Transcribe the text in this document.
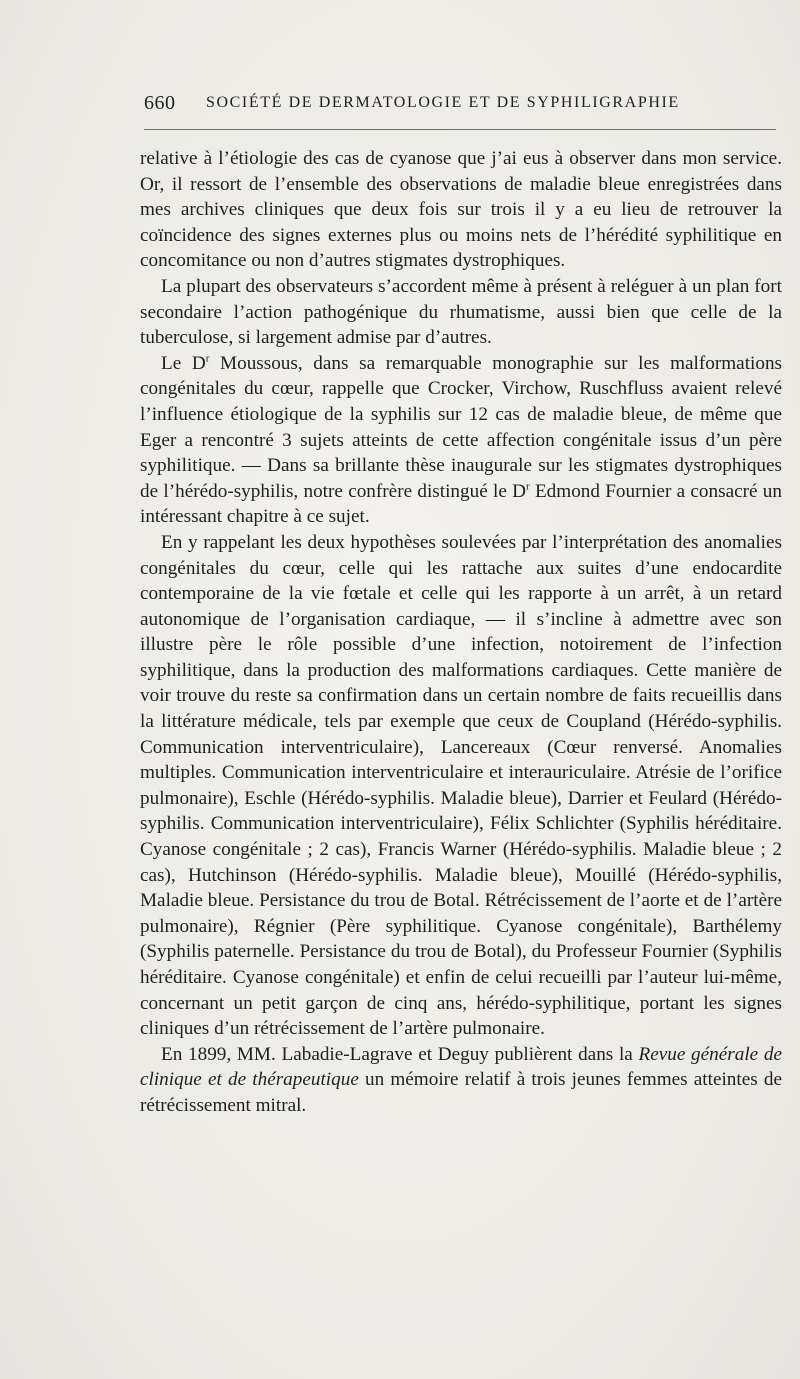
660 SOCIÉTÉ DE DERMATOLOGIE ET DE SYPHILIGRAPHIE

relative à l’étiologie des cas de cyanose que j’ai eus à observer dans mon service. Or, il ressort de l’ensemble des observations de maladie bleue enregistrées dans mes archives cliniques que deux fois sur trois il y a eu lieu de retrouver la coïncidence des signes externes plus ou moins nets de l’hérédité syphilitique en concomitance ou non d’autres stigmates dystrophiques.

La plupart des observateurs s’accordent même à présent à reléguer à un plan fort secondaire l’action pathogénique du rhumatisme, aussi bien que celle de la tuberculose, si largement admise par d’autres.

Le $D^r$ Moussous, dans sa remarquable monographie sur les malformations congénitales du cœur, rappelle que Crocker, Virchow, Ruschfluss avaient relevé l’influence étiologique de la syphilis sur 12 cas de maladie bleue, de même que Eger a rencontré 3 sujets atteints de cette affection congénitale issus d’un père syphilitique. — Dans sa brillante thèse inaugurale sur les stigmates dystrophiques de l’hérédo-syphilis, notre confrère distingué le $D^r$ Edmond Fournier a consacré un intéressant chapitre à ce sujet.

En y rappelant les deux hypothèses soulevées par l’interprétation des anomalies congénitales du cœur, celle qui les rattache aux suites d’une endocardite contemporaine de la vie fœtale et celle qui les rapporte à un arrêt, à un retard autonomique de l’organisation cardiaque, — il s’incline à admettre avec son illustre père le rôle possible d’une infection, notoirement de l’infection syphilitique, dans la production des malformations cardiaques. Cette manière de voir trouve du reste sa confirmation dans un certain nombre de faits recueillis dans la littérature médicale, tels par exemple que ceux de Coupland (Hérédo-syphilis. Communication interventriculaire), Lancereaux (Cœur renversé. Anomalies multiples. Communication interventriculaire et interauriculaire. Atrésie de l’orifice pulmonaire), Eschle (Hérédo-syphilis. Maladie bleue), Darrier et Feulard (Hérédo-syphilis. Communication interventriculaire), Félix Schlichter (Syphilis héréditaire. Cyanose congénitale ; 2 cas), Francis Warner (Hérédo-syphilis. Maladie bleue ; 2 cas), Hutchinson (Hérédo-syphilis. Maladie bleue), Mouillé (Hérédo-syphilis, Maladie bleue. Persistance du trou de Botal. Rétrécissement de l’aorte et de l’artère pulmonaire), Régnier (Père syphilitique. Cyanose congénitale), Barthélemy (Syphilis paternelle. Persistance du trou de Botal), du Professeur Fournier (Syphilis héréditaire. Cyanose congénitale) et enfin de celui recueilli par l’auteur lui-même, concernant un petit garçon de cinq ans, hérédo-syphilitique, portant les signes cliniques d’un rétrécissement de l’artère pulmonaire.

En 1899, MM. Labadie-Lagrave et Deguy publièrent dans la Revue générale de clinique et de thérapeutique un mémoire relatif à trois jeunes femmes atteintes de rétrécissement mitral.
